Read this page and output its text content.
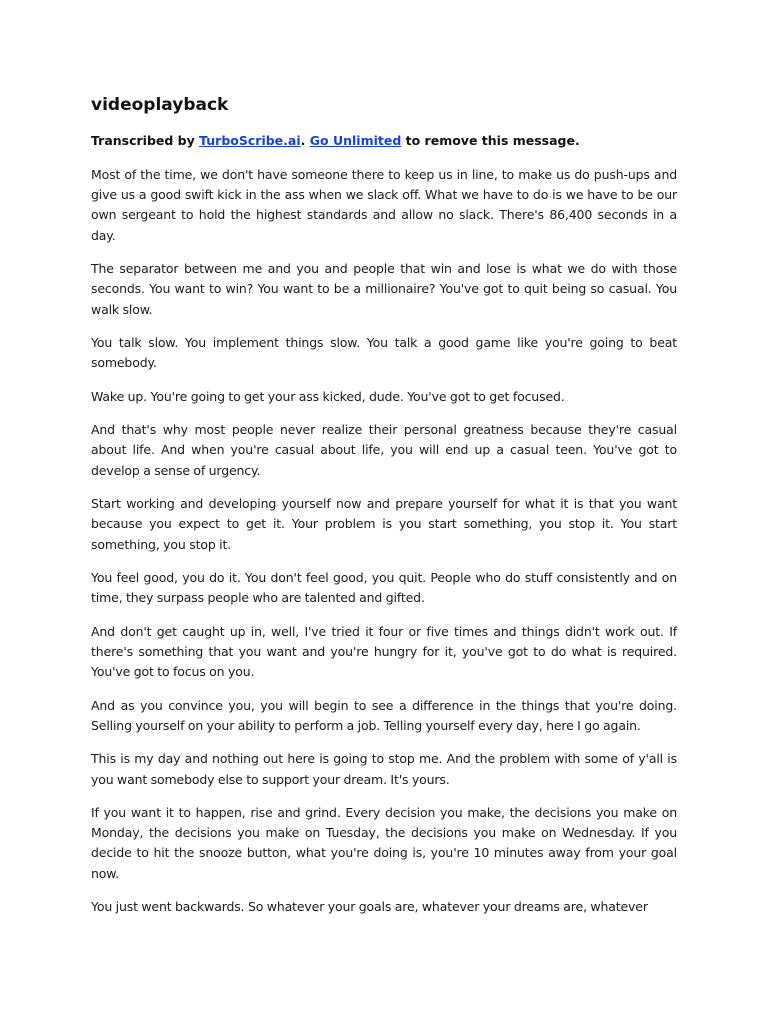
videoplayback

Transcribed by TurboScribe.ai. Go Unlimited to remove this message.

Most of the time, we don't have someone there to keep us in line, to make us do push-ups and give us a good swift kick in the ass when we slack off. What we have to do is we have to be our own sergeant to hold the highest standards and allow no slack. There's 86,400 seconds in a day.

The separator between me and you and people that win and lose is what we do with those seconds. You want to win? You want to be a millionaire? You've got to quit being so casual. You walk slow.

You talk slow. You implement things slow. You talk a good game like you're going to beat somebody.

Wake up. You're going to get your ass kicked, dude. You've got to get focused.

And that's why most people never realize their personal greatness because they're casual about life. And when you're casual about life, you will end up a casual teen. You've got to develop a sense of urgency.

Start working and developing yourself now and prepare yourself for what it is that you want because you expect to get it. Your problem is you start something, you stop it. You start something, you stop it.

You feel good, you do it. You don't feel good, you quit. People who do stuff consistently and on time, they surpass people who are talented and gifted.

And don't get caught up in, well, I've tried it four or five times and things didn't work out. If there's something that you want and you're hungry for it, you've got to do what is required. You've got to focus on you.

And as you convince you, you will begin to see a difference in the things that you're doing. Selling yourself on your ability to perform a job. Telling yourself every day, here I go again.

This is my day and nothing out here is going to stop me. And the problem with some of y'all is you want somebody else to support your dream. It's yours.

If you want it to happen, rise and grind. Every decision you make, the decisions you make on Monday, the decisions you make on Tuesday, the decisions you make on Wednesday. If you decide to hit the snooze button, what you're doing is, you're 10 minutes away from your goal now.

You just went backwards. So whatever your goals are, whatever your dreams are, whatever
